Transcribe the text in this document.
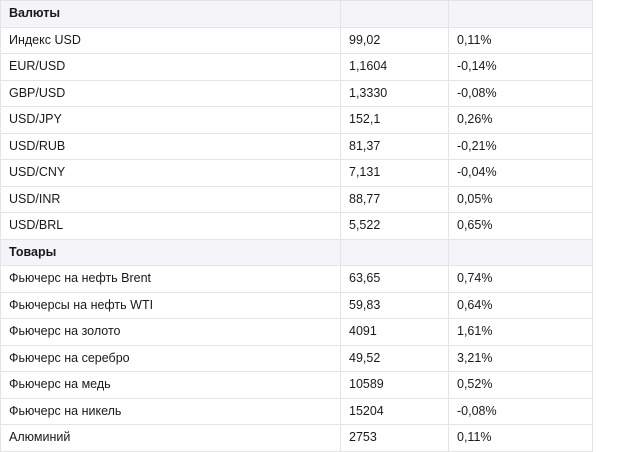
Валюты		
Индекс USD	99,02	0,11%
EUR/USD	1,1604	-0,14%
GBP/USD	1,3330	-0,08%
USD/JPY	152,1	0,26%
USD/RUB	81,37	-0,21%
USD/CNY	7,131	-0,04%
USD/INR	88,77	0,05%
USD/BRL	5,522	0,65%
Товары		
Фьючерс на нефть Brent	63,65	0,74%
Фьючерсы на нефть WTI	59,83	0,64%
Фьючерс на золото	4091	1,61%
Фьючерс на серебро	49,52	3,21%
Фьючерс на медь	10589	0,52%
Фьючерс на никель	15204	-0,08%
Алюминий	2753	0,11%
